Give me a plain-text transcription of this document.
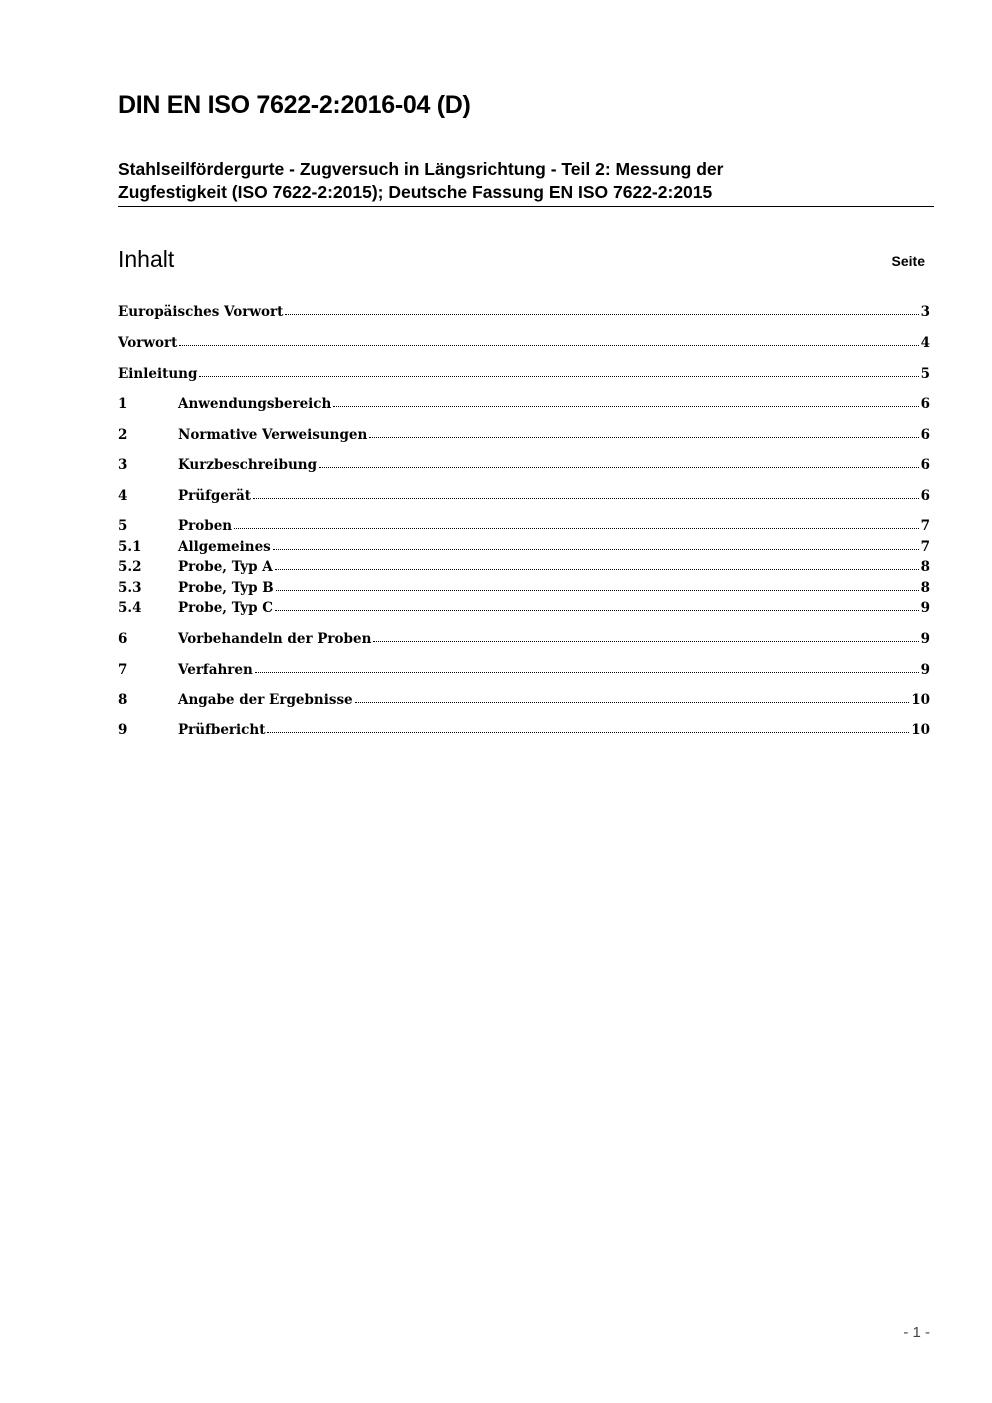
DIN EN ISO 7622-2:2016-04 (D)
Stahlseilfördergurte - Zugversuch in Längsrichtung - Teil 2: Messung der
Zugfestigkeit (ISO 7622-2:2015); Deutsche Fassung EN ISO 7622-2:2015
Inhalt	Seite
Europäisches Vorwort	3
Vorwort	4
Einleitung	5
1	Anwendungsbereich	6
2	Normative Verweisungen	6
3	Kurzbeschreibung	6
4	Prüfgerät	6
5	Proben	7
5.1	Allgemeines	7
5.2	Probe, Typ A	8
5.3	Probe, Typ B	8
5.4	Probe, Typ C	9
6	Vorbehandeln der Proben	9
7	Verfahren	9
8	Angabe der Ergebnisse	10
9	Prüfbericht	10
- 1 -
